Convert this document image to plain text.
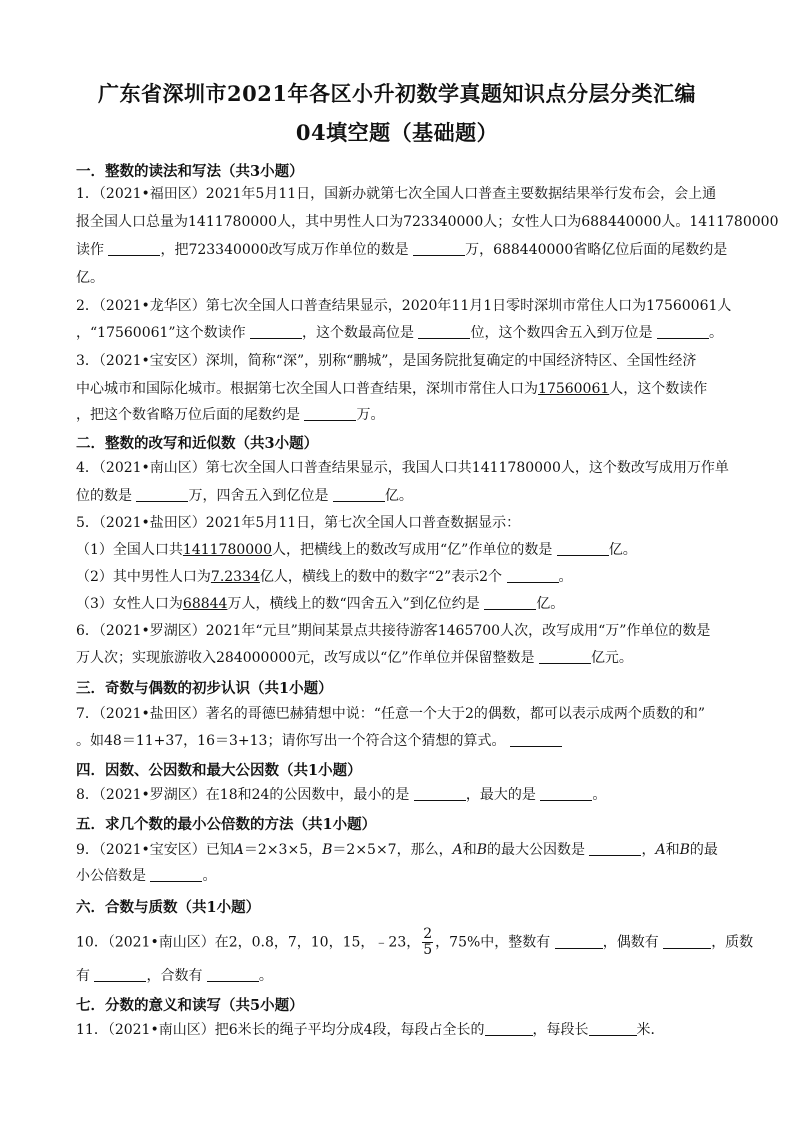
广东省深圳市2021年各区小升初数学真题知识点分层分类汇编
04填空题（基础题）
一．整数的读法和写法（共3小题）
1．（2021•福田区）2021年5月11日，国新办就第七次全国人口普查主要数据结果举行发布会，会上通
报全国人口总量为1411780000人，其中男性人口为723340000人；女性人口为688440000人。1411780000
读作	，把723340000改写成万作单位的数是	万，688440000省略亿位后面的尾数约是
亿。
2．（2021•龙华区）第七次全国人口普查结果显示，2020年11月1日零时深圳市常住人口为17560061人
，“17560061”这个数读作	，这个数最高位是	位，这个数四舍五入到万位是	。
3．（2021•宝安区）深圳，简称“深”，别称“鹏城”，是国务院批复确定的中国经济特区、全国性经济
中心城市和国际化城市。根据第七次全国人口普查结果，深圳市常住人口为17560061人，这个数读作
，把这个数省略万位后面的尾数约是	万。
二．整数的改写和近似数（共3小题）
4．（2021•南山区）第七次全国人口普查结果显示，我国人口共1411780000人，这个数改写成用万作单
位的数是	万，四舍五入到亿位是	亿。
5．（2021•盐田区）2021年5月11日，第七次全国人口普查数据显示：
（1）全国人口共1411780000人，把横线上的数改写成用“亿”作单位的数是	亿。
（2）其中男性人口为7.2334亿人，横线上的数中的数字“2”表示2个	。
（3）女性人口为68844万人，横线上的数“四舍五入”到亿位约是	亿。
6．（2021•罗湖区）2021年“元旦”期间某景点共接待游客1465700人次，改写成用“万”作单位的数是
万人次；实现旅游收入284000000元，改写成以“亿”作单位并保留整数是	亿元。
三．奇数与偶数的初步认识（共1小题）
7．（2021•盐田区）著名的哥德巴赫猜想中说：“任意一个大于2的偶数，都可以表示成两个质数的和”
。如48＝11+37，16＝3+13；请你写出一个符合这个猜想的算式。
四．因数、公因数和最大公因数（共1小题）
8．（2021•罗湖区）在18和24的公因数中，最小的是	，最大的是	。
五．求几个数的最小公倍数的方法（共1小题）
9．（2021•宝安区）已知A＝2×3×5，B＝2×5×7，那么，A和B的最大公因数是	，A和B的最
小公倍数是	。
六．合数与质数（共1小题）
10．（2021•南山区）在2，0.8，7，10，15，﹣23， $\frac{2}{5}$ ，75%中，整数有	，偶数有	，质数
有	，合数有	。
七．分数的意义和读写（共5小题）
11．（2021•南山区）把6米长的绳子平均分成4段，每段占全长的	，每段长	米．
